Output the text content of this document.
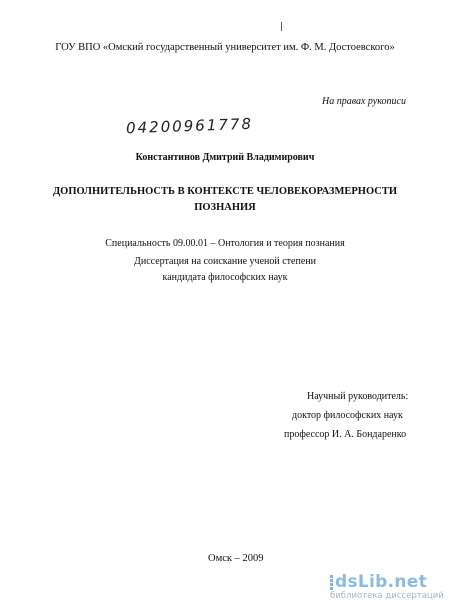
ГОУ ВПО «Омский государственный университет им. Ф. М. Достоевского»
На правах рукописи
04200961778
Константинов Дмитрий Владимирович
ДОПОЛНИТЕЛЬНОСТЬ В КОНТЕКСТЕ ЧЕЛОВЕКОРАЗМЕРНОСТИ
ПОЗНАНИЯ
Специальность 09.00.01 – Онтология и теория познания
Диссертация на соискание ученой степени
кандидата философских наук
Научный руководитель:
доктор философских наук
профессор И. А. Бондаренко
Омск – 2009
dsLib.net
библиотека диссертаций
